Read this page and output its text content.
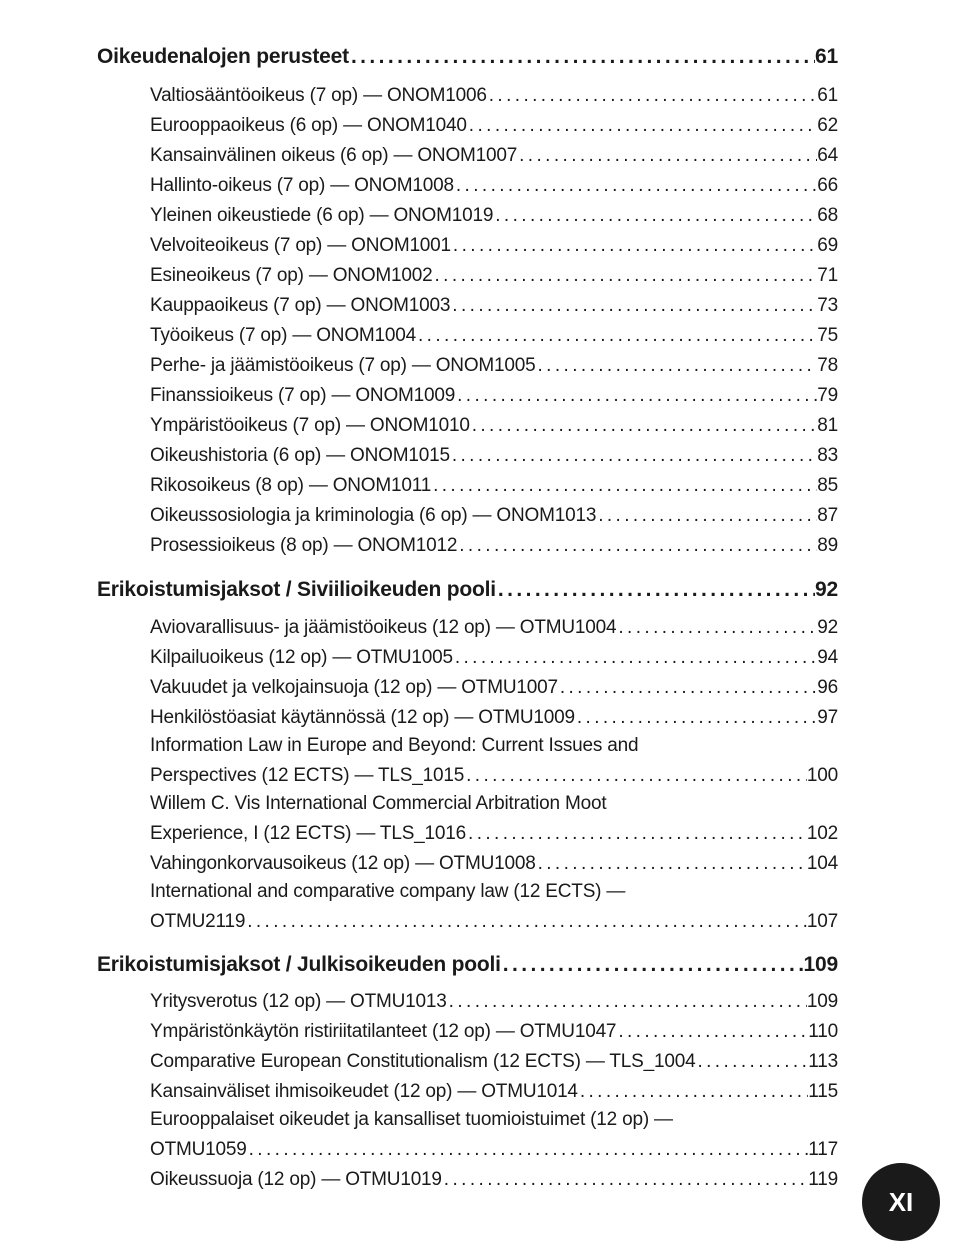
Oikeudenalojen perusteet .....	61
Valtiosääntöoikeus (7 op) — ONOM1006 .....	61
Eurooppaoikeus (6 op) — ONOM1040 .....	62
Kansainvälinen oikeus (6 op) — ONOM1007 .....	64
Hallinto-oikeus (7 op) — ONOM1008 .....	66
Yleinen oikeustiede (6 op) — ONOM1019 .....	68
Velvoiteoikeus (7 op) — ONOM1001 .....	69
Esineoikeus (7 op) — ONOM1002 .....	71
Kauppaoikeus (7 op) — ONOM1003 .....	73
Työoikeus (7 op) — ONOM1004 .....	75
Perhe- ja jäämistöoikeus (7 op) — ONOM1005 .....	78
Finanssioikeus (7 op) — ONOM1009 .....	79
Ympäristöoikeus (7 op) — ONOM1010 .....	81
Oikeushistoria (6 op) — ONOM1015 .....	83
Rikosoikeus (8 op) — ONOM1011 .....	85
Oikeussosiologia ja kriminologia (6 op) — ONOM1013 .....	87
Prosessioikeus (8 op) — ONOM1012 .....	89
Erikoistumisjaksot / Siviilioikeuden pooli .....	92
Aviovarallisuus- ja jäämistöoikeus (12 op) — OTMU1004 .....	92
Kilpailuoikeus (12 op) — OTMU1005 .....	94
Vakuudet ja velkojainsuoja (12 op) — OTMU1007 .....	96
Henkilöstöasiat käytännössä (12 op) — OTMU1009 .....	97
Information Law in Europe and Beyond: Current Issues and
Perspectives (12 ECTS) — TLS_1015 .....	100
Willem C. Vis International Commercial Arbitration Moot
Experience, I (12 ECTS) — TLS_1016 .....	102
Vahingonkorvausoikeus (12 op) — OTMU1008 .....	104
International and comparative company law (12 ECTS) —
OTMU2119 .....	107
Erikoistumisjaksot / Julkisoikeuden pooli .....	109
Yritysverotus (12 op) — OTMU1013 .....	109
Ympäristönkäytön ristiriitatilanteet (12 op) — OTMU1047 .....	110
Comparative European Constitutionalism (12 ECTS) — TLS_1004 .....	113
Kansainväliset ihmisoikeudet (12 op) — OTMU1014 .....	115
Eurooppalaiset oikeudet ja kansalliset tuomioistuimet (12 op) —
OTMU1059 .....	117
Oikeussuoja (12 op) — OTMU1019 .....	119
XI
